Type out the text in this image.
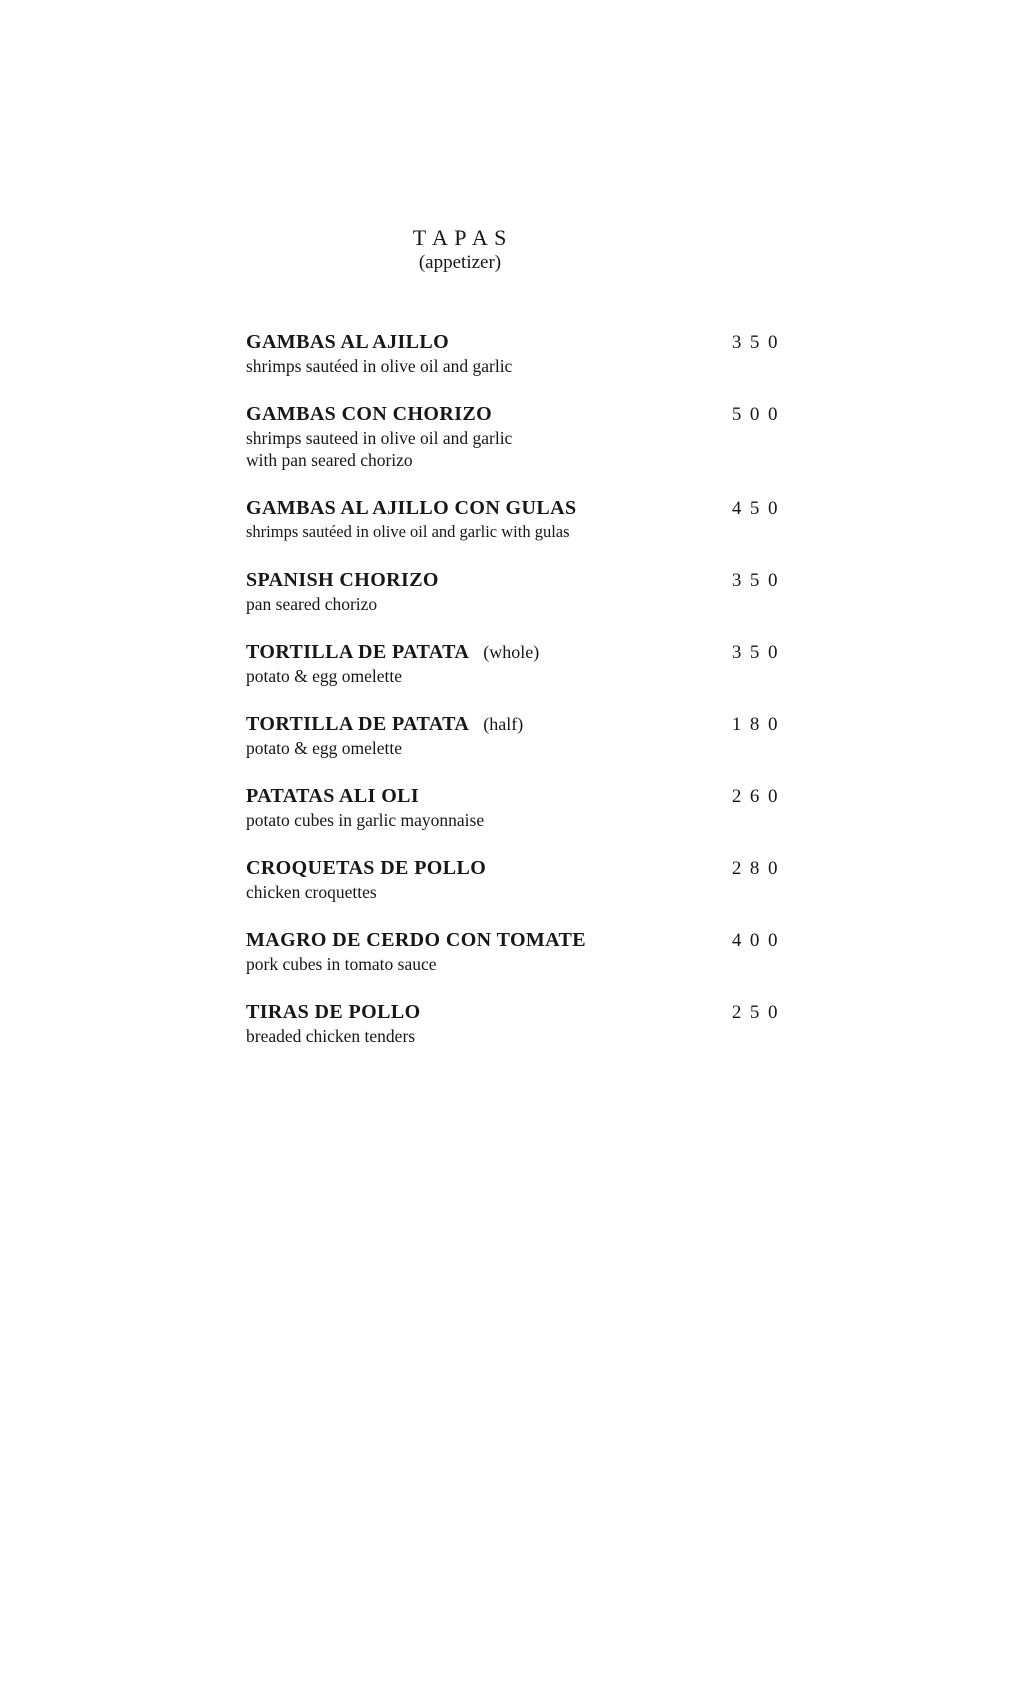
T A P A S
(appetizer)
GAMBAS AL AJILLO	350
shrimps sautéed in olive oil and garlic
GAMBAS CON CHORIZO	500
shrimps sauteed in olive oil and garlic
with pan seared chorizo
GAMBAS AL AJILLO CON GULAS	450
shrimps sautéed in olive oil and garlic with gulas
SPANISH CHORIZO	350
pan seared chorizo
TORTILLA DE PATATA (whole)	350
potato & egg omelette
TORTILLA DE PATATA (half)	180
potato & egg omelette
PATATAS ALI OLI	260
potato cubes in garlic mayonnaise
CROQUETAS DE POLLO	280
chicken croquettes
MAGRO DE CERDO CON TOMATE	400
pork cubes in tomato sauce
TIRAS DE POLLO	250
breaded chicken tenders
